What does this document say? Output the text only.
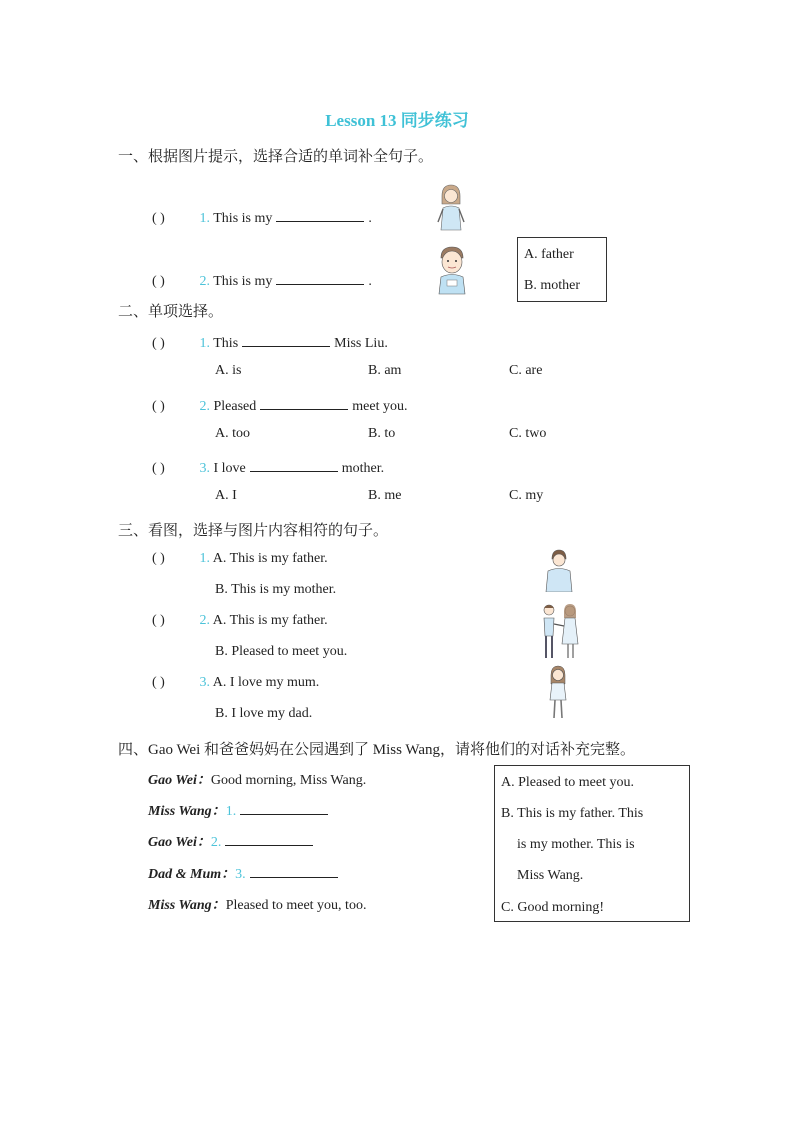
Lesson 13 同步练习
一、根据图片提示，选择合适的单词补全句子。
( ) 1. This is my	.
( ) 2. This is my	.
A. father
B. mother
二、单项选择。
( ) 1. This	Miss Liu.
A. is	B. am	C. are
( ) 2. Pleased	meet you.
A. too	B. to	C. two
( ) 3. I love	mother.
A. I	B. me	C. my
三、看图，选择与图片内容相符的句子。
( ) 1. A. This is my father.
B. This is my mother.
( ) 2. A. This is my father.
B. Pleased to meet you.
( ) 3. A. I love my mum.
B. I love my dad.
四、Gao Wei 和爸爸妈妈在公园遇到了 Miss Wang，请将他们的对话补充完整。
Gao Wei：Good morning, Miss Wang.
Miss Wang：1.
Gao Wei：2.
Dad & Mum：3.
Miss Wang：Pleased to meet you, too.
A. Pleased to meet you.
B. This is my father. This
is my mother. This is
Miss Wang.
C. Good morning!
